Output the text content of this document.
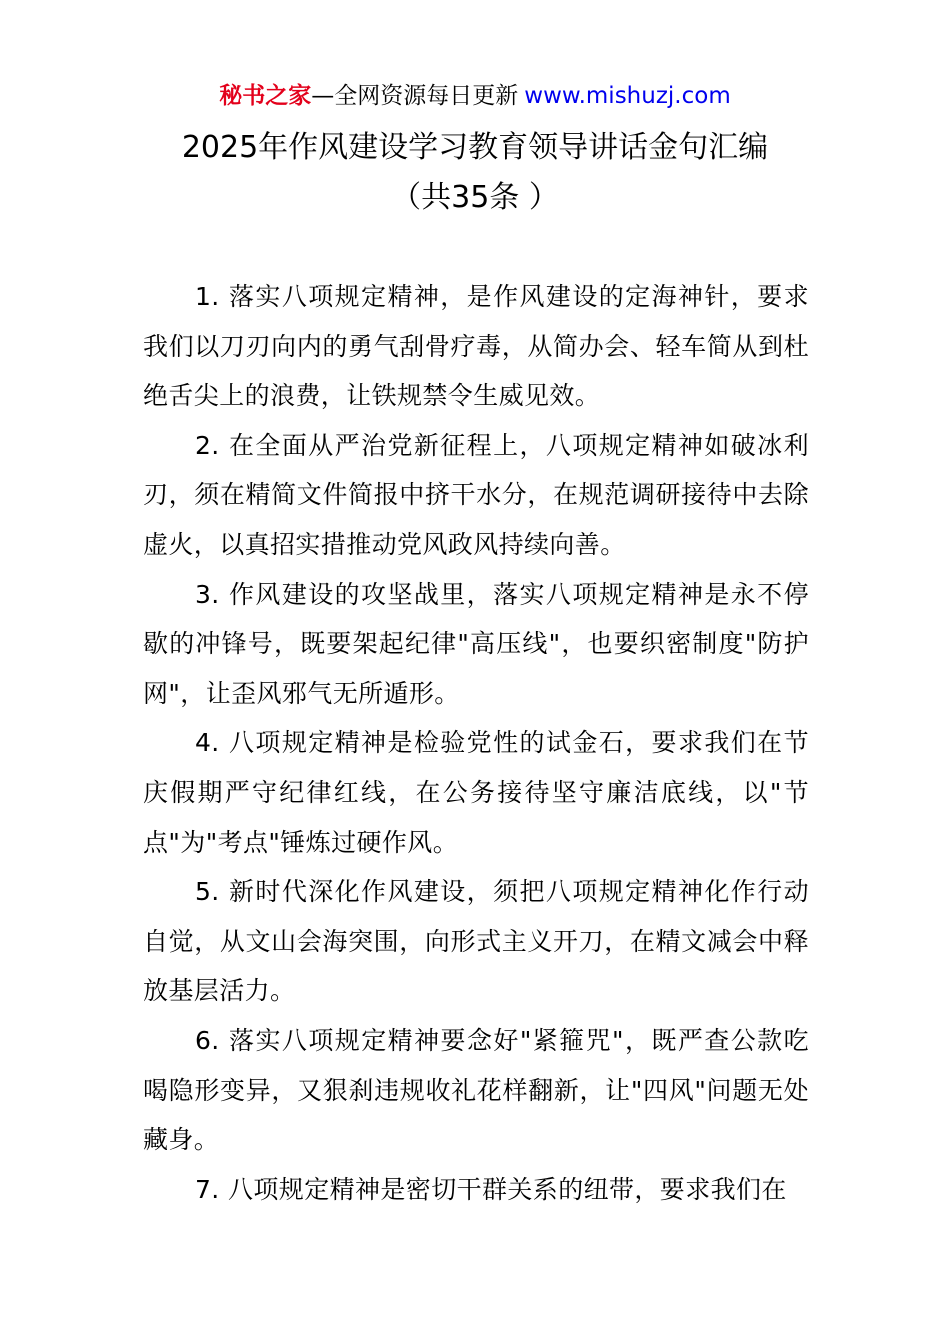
秘书之家—全网资源每日更新 www.mishuzj.com
2025年作风建设学习教育领导讲话金句汇编
（共35条 ）

1. 落实八项规定精神，是作风建设的定海神针，要求我们以刀刃向内的勇气刮骨疗毒，从简办会、轻车简从到杜绝舌尖上的浪费，让铁规禁令生威见效。

2. 在全面从严治党新征程上，八项规定精神如破冰利刃，须在精简文件简报中挤干水分，在规范调研接待中去除虚火，以真招实措推动党风政风持续向善。

3. 作风建设的攻坚战里，落实八项规定精神是永不停歇的冲锋号，既要架起纪律"高压线"，也要织密制度"防护网"，让歪风邪气无所遁形。

4. 八项规定精神是检验党性的试金石，要求我们在节庆假期严守纪律红线，在公务接待坚守廉洁底线，以"节点"为"考点"锤炼过硬作风。

5. 新时代深化作风建设，须把八项规定精神化作行动自觉，从文山会海突围，向形式主义开刀，在精文减会中释放基层活力。

6. 落实八项规定精神要念好"紧箍咒"，既严查公款吃喝隐形变异，又狠刹违规收礼花样翻新，让"四风"问题无处藏身。

7. 八项规定精神是密切干群关系的纽带，要求我们在
